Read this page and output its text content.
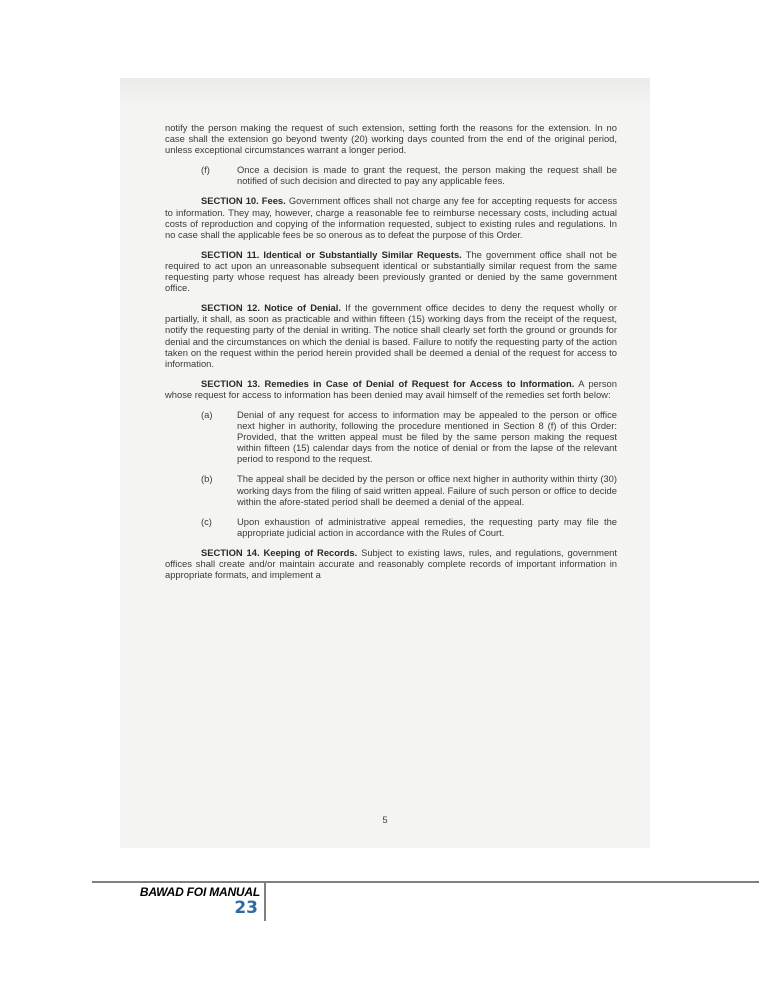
notify the person making the request of such extension, setting forth the reasons for the extension. In no case shall the extension go beyond twenty (20) working days counted from the end of the original period, unless exceptional circumstances warrant a longer period.

(f)	Once a decision is made to grant the request, the person making the request shall be notified of such decision and directed to pay any applicable fees.

SECTION 10. Fees. Government offices shall not charge any fee for accepting requests for access to information. They may, however, charge a reasonable fee to reimburse necessary costs, including actual costs of reproduction and copying of the information requested, subject to existing rules and regulations. In no case shall the applicable fees be so onerous as to defeat the purpose of this Order.

SECTION 11. Identical or Substantially Similar Requests. The government office shall not be required to act upon an unreasonable subsequent identical or substantially similar request from the same requesting party whose request has already been previously granted or denied by the same government office.

SECTION 12. Notice of Denial. If the government office decides to deny the request wholly or partially, it shall, as soon as practicable and within fifteen (15) working days from the receipt of the request, notify the requesting party of the denial in writing. The notice shall clearly set forth the ground or grounds for denial and the circumstances on which the denial is based. Failure to notify the requesting party of the action taken on the request within the period herein provided shall be deemed a denial of the request for access to information.

SECTION 13. Remedies in Case of Denial of Request for Access to Information. A person whose request for access to information has been denied may avail himself of the remedies set forth below:

(a)	Denial of any request for access to information may be appealed to the person or office next higher in authority, following the procedure mentioned in Section 8 (f) of this Order: Provided, that the written appeal must be filed by the same person making the request within fifteen (15) calendar days from the notice of denial or from the lapse of the relevant period to respond to the request.
(b)	The appeal shall be decided by the person or office next higher in authority within thirty (30) working days from the filing of said written appeal. Failure of such person or office to decide within the afore-stated period shall be deemed a denial of the appeal.
(c)	Upon exhaustion of administrative appeal remedies, the requesting party may file the appropriate judicial action in accordance with the Rules of Court.

SECTION 14. Keeping of Records. Subject to existing laws, rules, and regulations, government offices shall create and/or maintain accurate and reasonably complete records of important information in appropriate formats, and implement a

5
BAWAD FOI MANUAL
23
